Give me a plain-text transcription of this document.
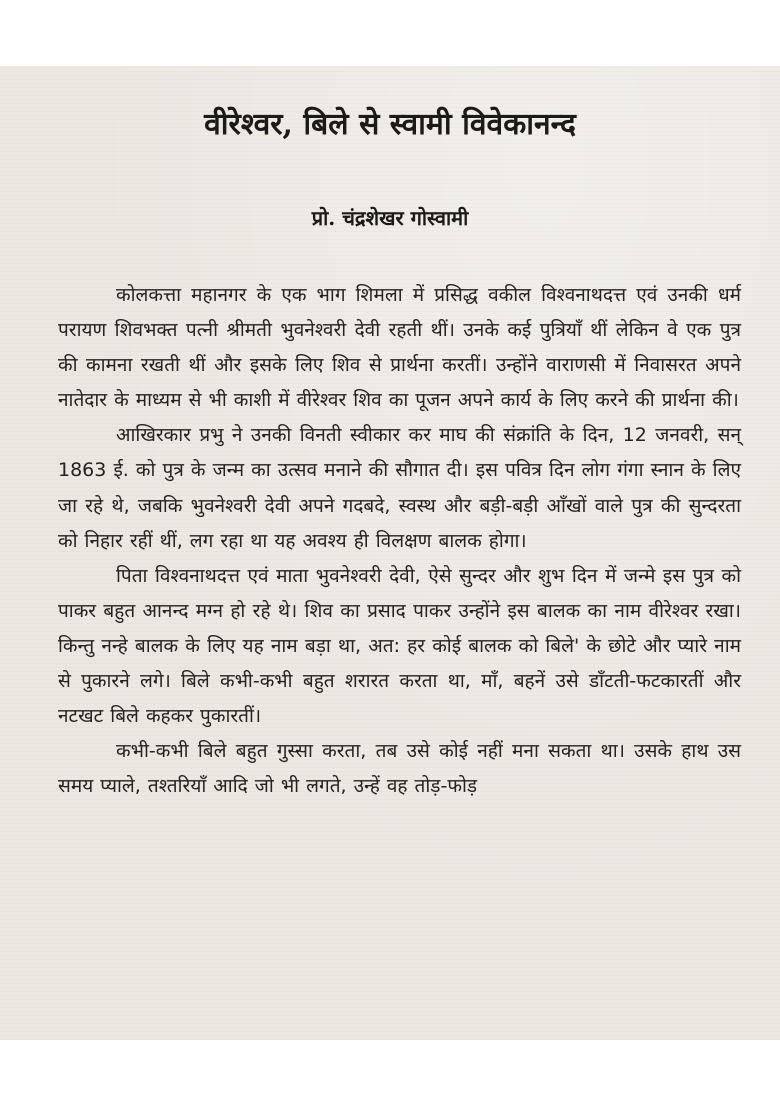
वीरेश्वर, बिले से स्वामी विवेकानन्द
प्रो. चंद्रशेखर गोस्वामी

कोलकत्ता महानगर के एक भाग शिमला में प्रसिद्ध वकील विश्वनाथदत्त एवं उनकी धर्म परायण शिवभक्त पत्नी श्रीमती भुवनेश्वरी देवी रहती थीं। उनके कई पुत्रियाँ थीं लेकिन वे एक पुत्र की कामना रखती थीं और इसके लिए शिव से प्रार्थना करतीं। उन्होंने वाराणसी में निवासरत अपने नातेदार के माध्यम से भी काशी में वीरेश्वर शिव का पूजन अपने कार्य के लिए करने की प्रार्थना की।

आखिरकार प्रभु ने उनकी विनती स्वीकार कर माघ की संक्रांति के दिन, 12 जनवरी, सन् 1863 ई. को पुत्र के जन्म का उत्सव मनाने की सौगात दी। इस पवित्र दिन लोग गंगा स्नान के लिए जा रहे थे, जबकि भुवनेश्वरी देवी अपने गदबदे, स्वस्थ और बड़ी-बड़ी आँखों वाले पुत्र की सुन्दरता को निहार रहीं थीं, लग रहा था यह अवश्य ही विलक्षण बालक होगा।

पिता विश्वनाथदत्त एवं माता भुवनेश्वरी देवी, ऐसे सुन्दर और शुभ दिन में जन्मे इस पुत्र को पाकर बहुत आनन्द मग्न हो रहे थे। शिव का प्रसाद पाकर उन्होंने इस बालक का नाम वीरेश्वर रखा। किन्तु नन्हे बालक के लिए यह नाम बड़ा था, अत: हर कोई बालक को बिले' के छोटे और प्यारे नाम से पुकारने लगे। बिले कभी-कभी बहुत शरारत करता था, माँ, बहनें उसे डाँटती-फटकारतीं और नटखट बिले कहकर पुकारतीं।

कभी-कभी बिले बहुत गुस्सा करता, तब उसे कोई नहीं मना सकता था। उसके हाथ उस समय प्याले, तश्तरियाँ आदि जो भी लगते, उन्हें वह तोड़-फोड़
